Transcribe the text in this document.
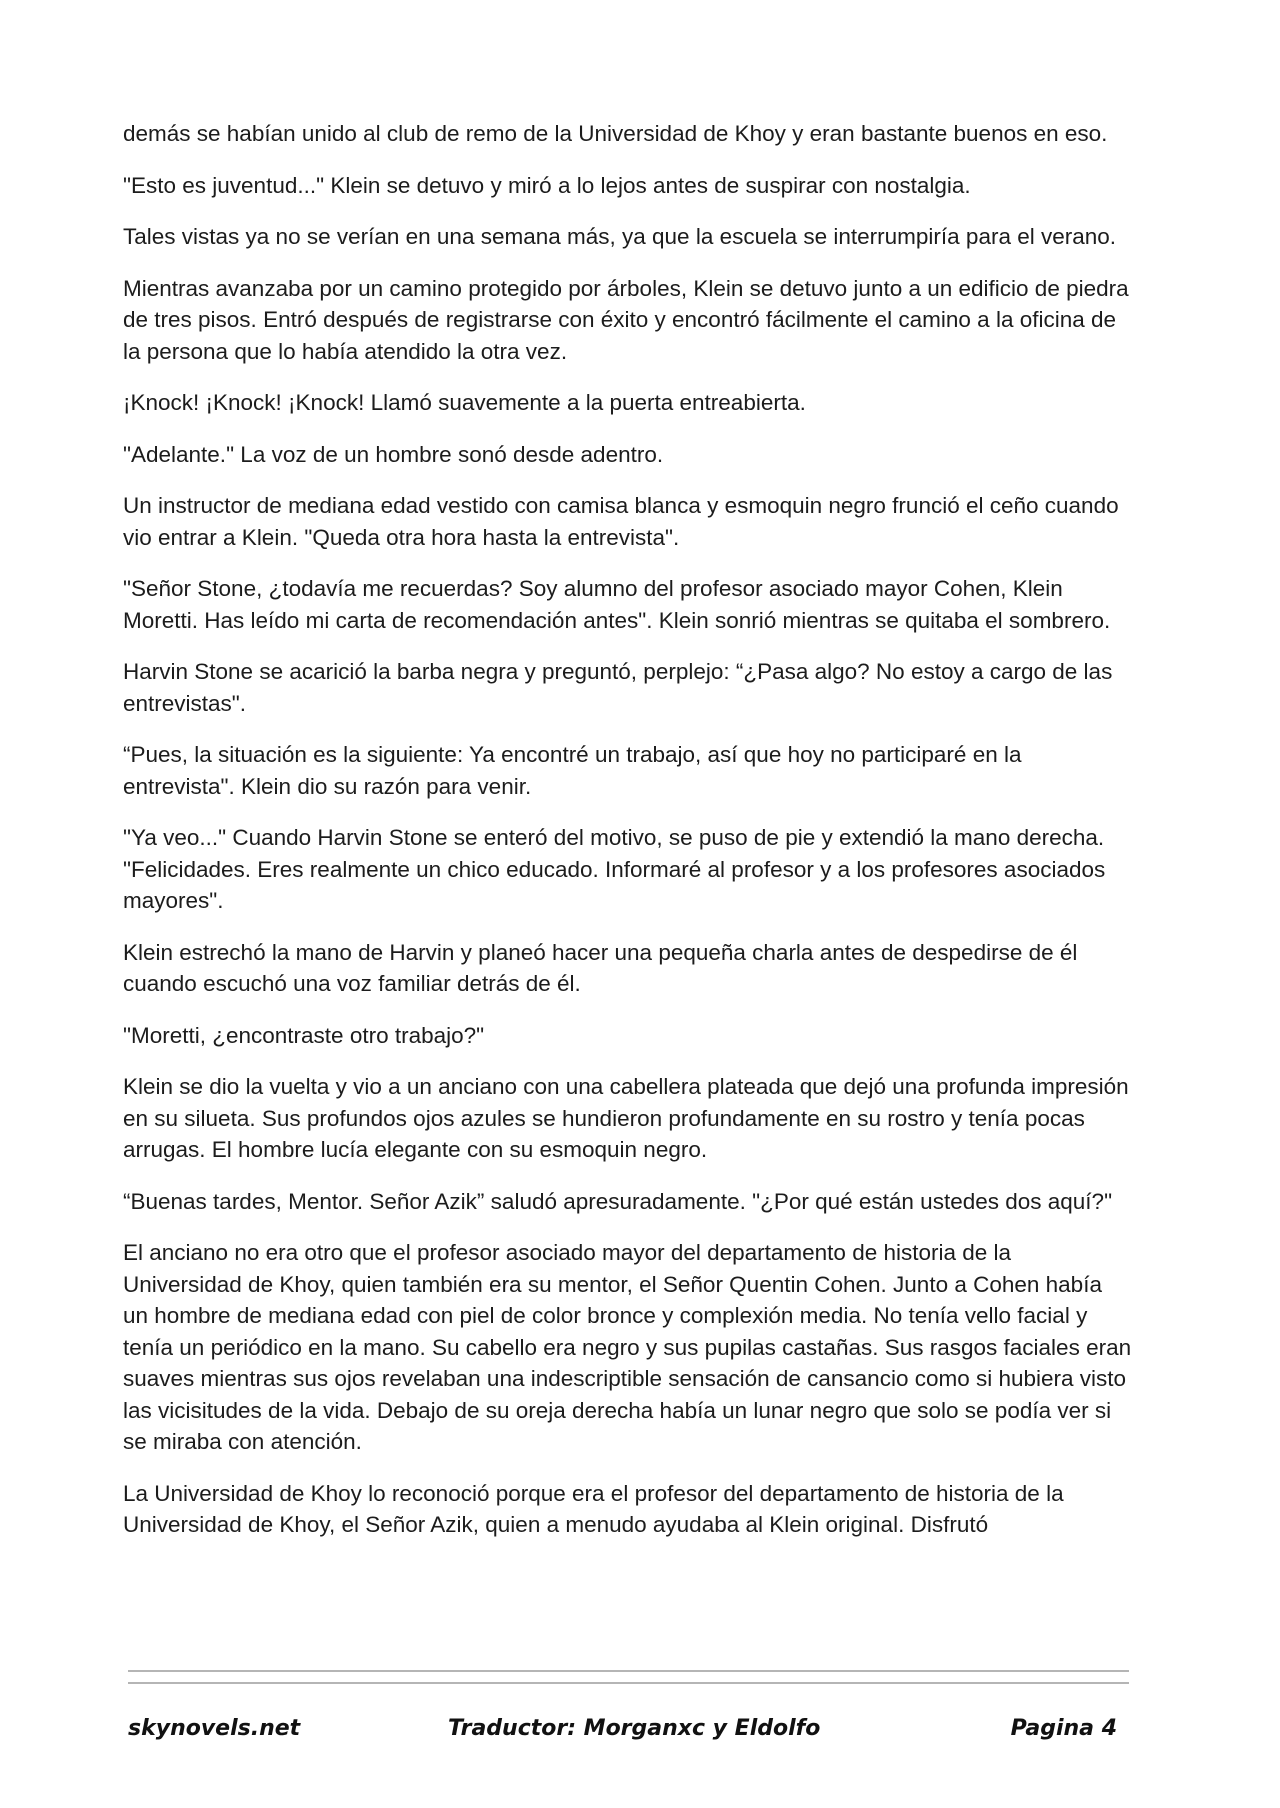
demás se habían unido al club de remo de la Universidad de Khoy y eran bastante buenos en eso.

"Esto es juventud..." Klein se detuvo y miró a lo lejos antes de suspirar con nostalgia.

Tales vistas ya no se verían en una semana más, ya que la escuela se interrumpiría para el verano.

Mientras avanzaba por un camino protegido por árboles, Klein se detuvo junto a un edificio de piedra de tres pisos. Entró después de registrarse con éxito y encontró fácilmente el camino a la oficina de la persona que lo había atendido la otra vez.

¡Knock! ¡Knock! ¡Knock! Llamó suavemente a la puerta entreabierta.

"Adelante." La voz de un hombre sonó desde adentro.

Un instructor de mediana edad vestido con camisa blanca y esmoquin negro frunció el ceño cuando vio entrar a Klein. "Queda otra hora hasta la entrevista".

"Señor Stone, ¿todavía me recuerdas? Soy alumno del profesor asociado mayor Cohen, Klein Moretti. Has leído mi carta de recomendación antes". Klein sonrió mientras se quitaba el sombrero.

Harvin Stone se acarició la barba negra y preguntó, perplejo: “¿Pasa algo? No estoy a cargo de las entrevistas".

“Pues, la situación es la siguiente: Ya encontré un trabajo, así que hoy no participaré en la entrevista". Klein dio su razón para venir.

"Ya veo..." Cuando Harvin Stone se enteró del motivo, se puso de pie y extendió la mano derecha. "Felicidades. Eres realmente un chico educado. Informaré al profesor y a los profesores asociados mayores".

Klein estrechó la mano de Harvin y planeó hacer una pequeña charla antes de despedirse de él cuando escuchó una voz familiar detrás de él.

"Moretti, ¿encontraste otro trabajo?"

Klein se dio la vuelta y vio a un anciano con una cabellera plateada que dejó una profunda impresión en su silueta. Sus profundos ojos azules se hundieron profundamente en su rostro y tenía pocas arrugas. El hombre lucía elegante con su esmoquin negro.

“Buenas tardes, Mentor. Señor Azik” saludó apresuradamente. "¿Por qué están ustedes dos aquí?"

El anciano no era otro que el profesor asociado mayor del departamento de historia de la Universidad de Khoy, quien también era su mentor, el Señor Quentin Cohen. Junto a Cohen había un hombre de mediana edad con piel de color bronce y complexión media. No tenía vello facial y tenía un periódico en la mano. Su cabello era negro y sus pupilas castañas. Sus rasgos faciales eran suaves mientras sus ojos revelaban una indescriptible sensación de cansancio como si hubiera visto las vicisitudes de la vida. Debajo de su oreja derecha había un lunar negro que solo se podía ver si se miraba con atención.

La Universidad de Khoy lo reconoció porque era el profesor del departamento de historia de la Universidad de Khoy, el Señor Azik, quien a menudo ayudaba al Klein original. Disfrutó

skynovels.net	Traductor: Morganxc y Eldolfo	Pagina 4
